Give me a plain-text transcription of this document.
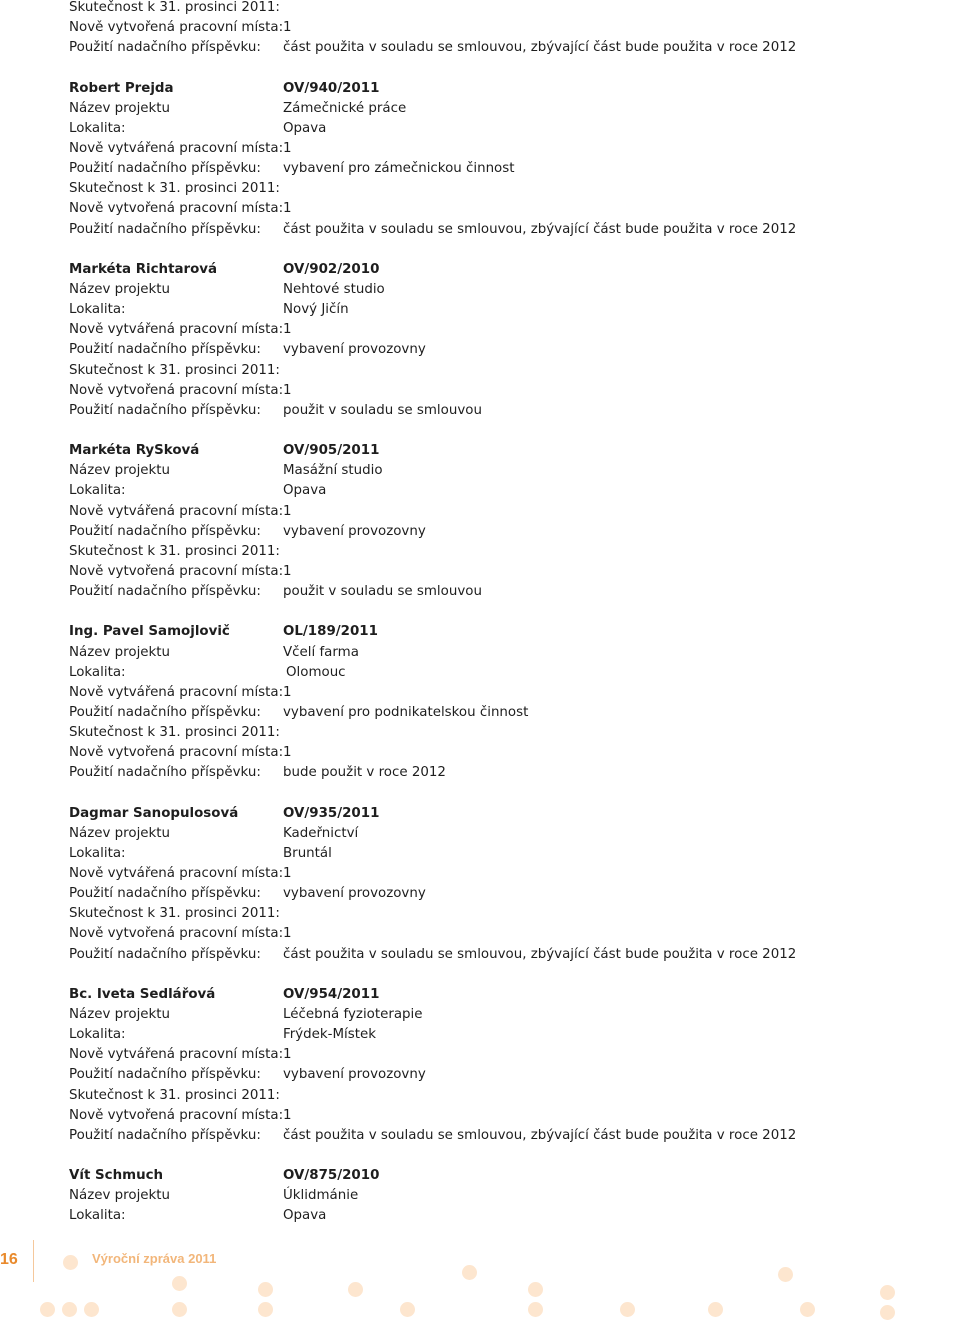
Skutečnost k 31. prosinci 2011:
Nově vytvořená pracovní místa: 1
Použití nadačního příspěvku: část použita v souladu se smlouvou, zbývající část bude použita v roce 2012
Robert Prejda	OV/940/2011
Název projektu	Zámečnické práce
Lokalita:	Opava
Nově vytvářená pracovní místa: 1
Použití nadačního příspěvku: vybavení pro zámečnickou činnost
Skutečnost k 31. prosinci 2011:
Nově vytvořená pracovní místa: 1
Použití nadačního příspěvku: část použita v souladu se smlouvou, zbývající část bude použita v roce 2012
Markéta Richtarová	OV/902/2010
Název projektu	Nehtové studio
Lokalita:	Nový Jičín
Nově vytvářená pracovní místa: 1
Použití nadačního příspěvku: vybavení provozovny
Skutečnost k 31. prosinci 2011:
Nově vytvořená pracovní místa: 1
Použití nadačního příspěvku: použit v souladu se smlouvou
Markéta RySková	OV/905/2011
Název projektu	Masážní studio
Lokalita:	Opava
Nově vytvářená pracovní místa: 1
Použití nadačního příspěvku: vybavení provozovny
Skutečnost k 31. prosinci 2011:
Nově vytvořená pracovní místa: 1
Použití nadačního příspěvku: použit v souladu se smlouvou
Ing. Pavel Samojlovič	OL/189/2011
Název projektu	Včelí farma
Lokalita:	Olomouc
Nově vytvářená pracovní místa: 1
Použití nadačního příspěvku: vybavení pro podnikatelskou činnost
Skutečnost k 31. prosinci 2011:
Nově vytvořená pracovní místa: 1
Použití nadačního příspěvku: bude použit v roce 2012
Dagmar Sanopulosová	OV/935/2011
Název projektu	Kadeřnictví
Lokalita:	Bruntál
Nově vytvářená pracovní místa: 1
Použití nadačního příspěvku: vybavení provozovny
Skutečnost k 31. prosinci 2011:
Nově vytvořená pracovní místa: 1
Použití nadačního příspěvku: část použita v souladu se smlouvou, zbývající část bude použita v roce 2012
Bc. Iveta Sedlářová	OV/954/2011
Název projektu	Léčebná fyzioterapie
Lokalita:	Frýdek-Místek
Nově vytvářená pracovní místa: 1
Použití nadačního příspěvku: vybavení provozovny
Skutečnost k 31. prosinci 2011:
Nově vytvořená pracovní místa: 1
Použití nadačního příspěvku: část použita v souladu se smlouvou, zbývající část bude použita v roce 2012
Vít Schmuch	OV/875/2010
Název projektu	Úklidmánie
Lokalita:	Opava
16	Výroční zpráva 2011
